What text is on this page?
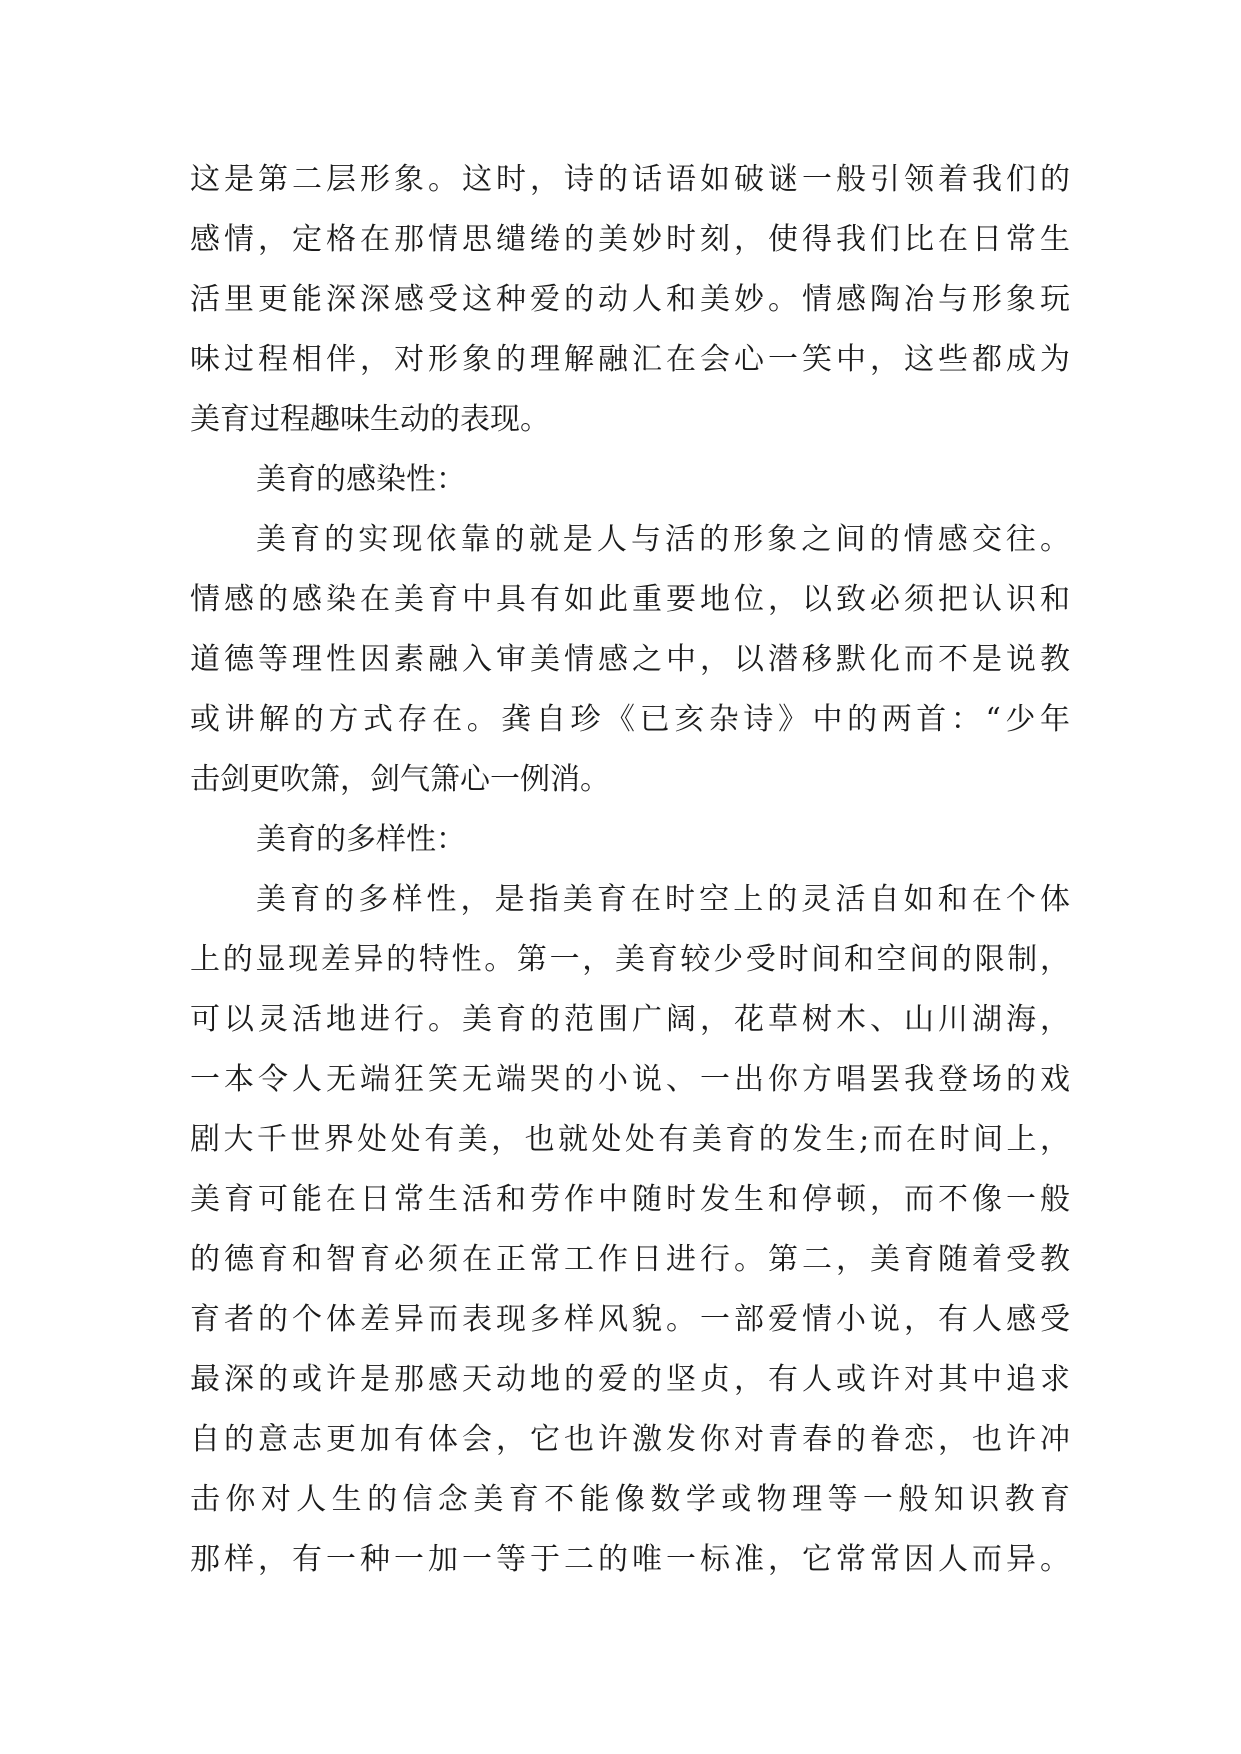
这是第二层形象。这时，诗的话语如破谜一般引领着我们的
感情，定格在那情思缱绻的美妙时刻，使得我们比在日常生
活里更能深深感受这种爱的动人和美妙。情感陶冶与形象玩
味过程相伴，对形象的理解融汇在会心一笑中，这些都成为
美育过程趣味生动的表现。
美育的感染性：
美育的实现依靠的就是人与活的形象之间的情感交往。
情感的感染在美育中具有如此重要地位，以致必须把认识和
道德等理性因素融入审美情感之中，以潜移默化而不是说教
或讲解的方式存在。龚自珍《已亥杂诗》中的两首：“少年
击剑更吹箫，剑气箫心一例消。
美育的多样性：
美育的多样性，是指美育在时空上的灵活自如和在个体
上的显现差异的特性。第一，美育较少受时间和空间的限制，
可以灵活地进行。美育的范围广阔，花草树木、山川湖海，
一本令人无端狂笑无端哭的小说、一出你方唱罢我登场的戏
剧大千世界处处有美，也就处处有美育的发生;而在时间上，
美育可能在日常生活和劳作中随时发生和停顿，而不像一般
的德育和智育必须在正常工作日进行。第二，美育随着受教
育者的个体差异而表现多样风貌。一部爱情小说，有人感受
最深的或许是那感天动地的爱的坚贞，有人或许对其中追求
自的意志更加有体会，它也许激发你对青春的眷恋，也许冲
击你对人生的信念美育不能像数学或物理等一般知识教育
那样，有一种一加一等于二的唯一标准，它常常因人而异。
